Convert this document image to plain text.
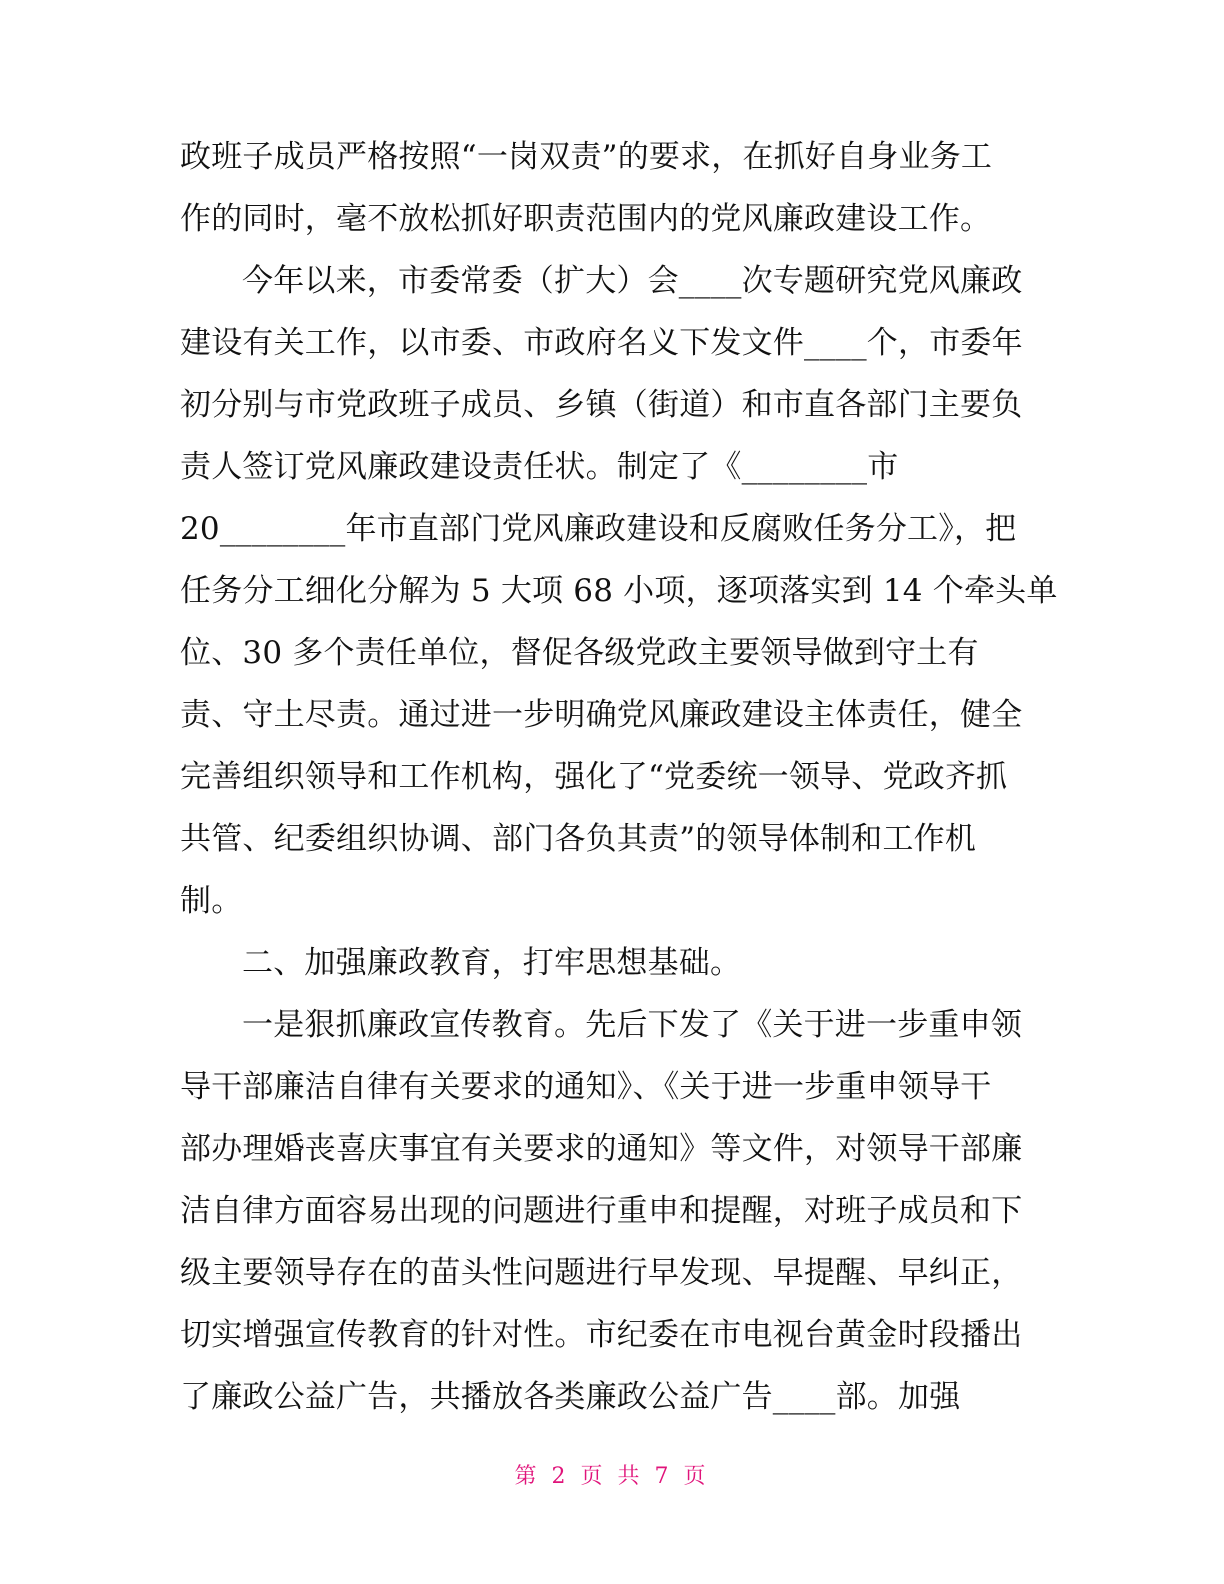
政班子成员严格按照“一岗双责”的要求，在抓好自身业务工
作的同时，毫不放松抓好职责范围内的党风廉政建设工作。
今年以来，市委常委（扩大）会____次专题研究党风廉政
建设有关工作，以市委、市政府名义下发文件____个，市委年
初分别与市党政班子成员、乡镇（街道）和市直各部门主要负
责人签订党风廉政建设责任状。制定了《________市
20________年市直部门党风廉政建设和反腐败任务分工》，把
任务分工细化分解为 5 大项 68 小项，逐项落实到 14 个牵头单
位、30 多个责任单位，督促各级党政主要领导做到守土有
责、守土尽责。通过进一步明确党风廉政建设主体责任，健全
完善组织领导和工作机构，强化了“党委统一领导、党政齐抓
共管、纪委组织协调、部门各负其责”的领导体制和工作机
制。
二、加强廉政教育，打牢思想基础。
一是狠抓廉政宣传教育。先后下发了《关于进一步重申领
导干部廉洁自律有关要求的通知》、《关于进一步重申领导干
部办理婚丧喜庆事宜有关要求的通知》等文件，对领导干部廉
洁自律方面容易出现的问题进行重申和提醒，对班子成员和下
级主要领导存在的苗头性问题进行早发现、早提醒、早纠正，
切实增强宣传教育的针对性。市纪委在市电视台黄金时段播出
了廉政公益广告，共播放各类廉政公益广告____部。加强
第 2 页 共 7 页
